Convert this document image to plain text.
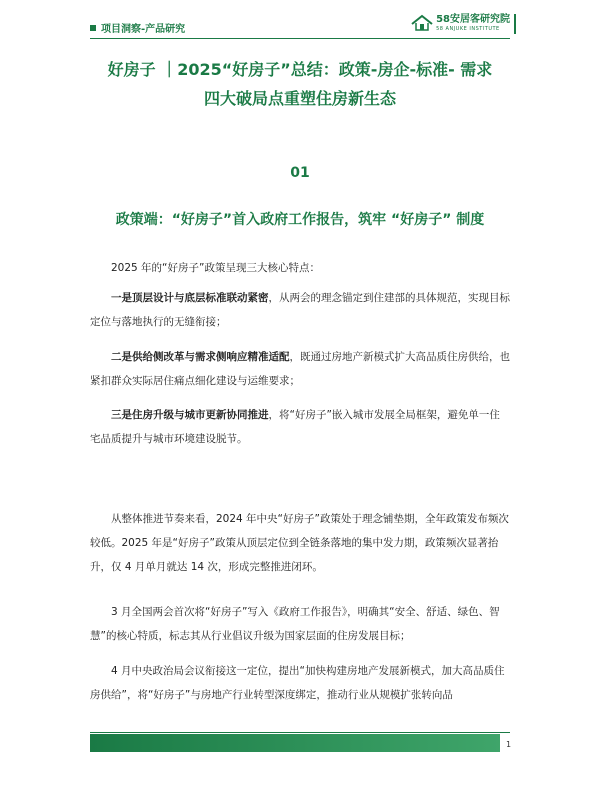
项目洞察-产品研究
58安居客研究院
58 ANJUKE INSTITUTE
好房子 ｜2025“好房子”总结：政策-房企-标准- 需求
四大破局点重塑住房新生态
01
政策端：“好房子”首入政府工作报告，筑牢 “好房子” 制度
2025 年的“好房子”政策呈现三大核心特点：
一是顶层设计与底层标准联动紧密，从两会的理念锚定到住建部的具体规范，实现目标定位与落地执行的无缝衔接；
二是供给侧改革与需求侧响应精准适配，既通过房地产新模式扩大高品质住房供给，也紧扣群众实际居住痛点细化建设与运维要求；
三是住房升级与城市更新协同推进，将“好房子”嵌入城市发展全局框架，避免单一住宅品质提升与城市环境建设脱节。
从整体推进节奏来看，2024 年中央“好房子”政策处于理念铺垫期，全年政策发布频次较低。2025 年是“好房子”政策从顶层定位到全链条落地的集中发力期，政策频次显著抬升，仅 4 月单月就达 14 次，形成完整推进闭环。
3 月全国两会首次将“好房子”写入《政府工作报告》，明确其“安全、舒适、绿色、智慧”的核心特质，标志其从行业倡议升级为国家层面的住房发展目标；
4 月中央政治局会议衔接这一定位，提出“加快构建房地产发展新模式，加大高品质住房供给”，将“好房子”与房地产行业转型深度绑定，推动行业从规模扩张转向品
1
